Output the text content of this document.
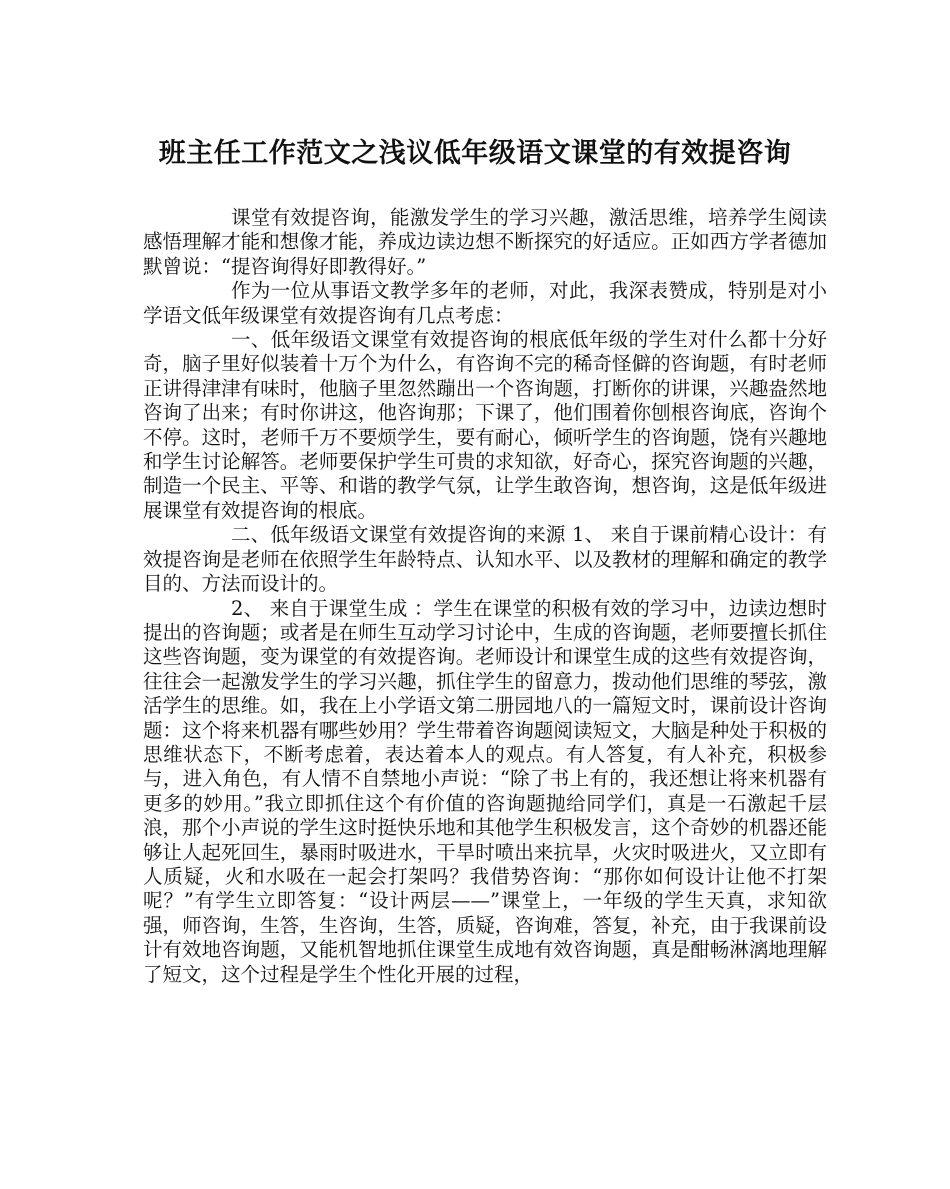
班主任工作范文之浅议低年级语文课堂的有效提咨询

课堂有效提咨询，能激发学生的学习兴趣，激活思维，培养学生阅读感悟理解才能和想像才能，养成边读边想不断探究的好适应。正如西方学者德加默曾说：“提咨询得好即教得好。”

作为一位从事语文教学多年的老师，对此，我深表赞成，特别是对小学语文低年级课堂有效提咨询有几点考虑：

一、低年级语文课堂有效提咨询的根底低年级的学生对什么都十分好奇，脑子里好似装着十万个为什么，有咨询不完的稀奇怪僻的咨询题，有时老师正讲得津津有味时，他脑子里忽然蹦出一个咨询题，打断你的讲课，兴趣盎然地咨询了出来；有时你讲这，他咨询那；下课了，他们围着你刨根咨询底，咨询个不停。这时，老师千万不要烦学生，要有耐心，倾听学生的咨询题，饶有兴趣地和学生讨论解答。老师要保护学生可贵的求知欲，好奇心，探究咨询题的兴趣，制造一个民主、平等、和谐的教学气氛，让学生敢咨询，想咨询，这是低年级进展课堂有效提咨询的根底。

二、低年级语文课堂有效提咨询的来源 1、 来自于课前精心设计：有效提咨询是老师在依照学生年龄特点、认知水平、以及教材的理解和确定的教学目的、方法而设计的。

2、 来自于课堂生成 ：学生在课堂的积极有效的学习中，边读边想时提出的咨询题；或者是在师生互动学习讨论中，生成的咨询题，老师要擅长抓住这些咨询题，变为课堂的有效提咨询。老师设计和课堂生成的这些有效提咨询，往往会一起激发学生的学习兴趣，抓住学生的留意力，拨动他们思维的琴弦，激活学生的思维。如，我在上小学语文第二册园地八的一篇短文时，课前设计咨询题：这个将来机器有哪些妙用？学生带着咨询题阅读短文，大脑是种处于积极的思维状态下，不断考虑着，表达着本人的观点。有人答复，有人补充，积极参与，进入角色，有人情不自禁地小声说：“除了书上有的，我还想让将来机器有更多的妙用。”我立即抓住这个有价值的咨询题抛给同学们，真是一石激起千层浪，那个小声说的学生这时挺快乐地和其他学生积极发言，这个奇妙的机器还能够让人起死回生，暴雨时吸进水，干旱时喷出来抗旱，火灾时吸进火，又立即有人质疑，火和水吸在一起会打架吗？我借势咨询：“那你如何设计让他不打架呢？”有学生立即答复：“设计两层——”课堂上，一年级的学生天真，求知欲强，师咨询，生答，生咨询，生答，质疑，咨询难，答复，补充，由于我课前设计有效地咨询题，又能机智地抓住课堂生成地有效咨询题，真是酣畅淋漓地理解了短文，这个过程是学生个性化开展的过程，
